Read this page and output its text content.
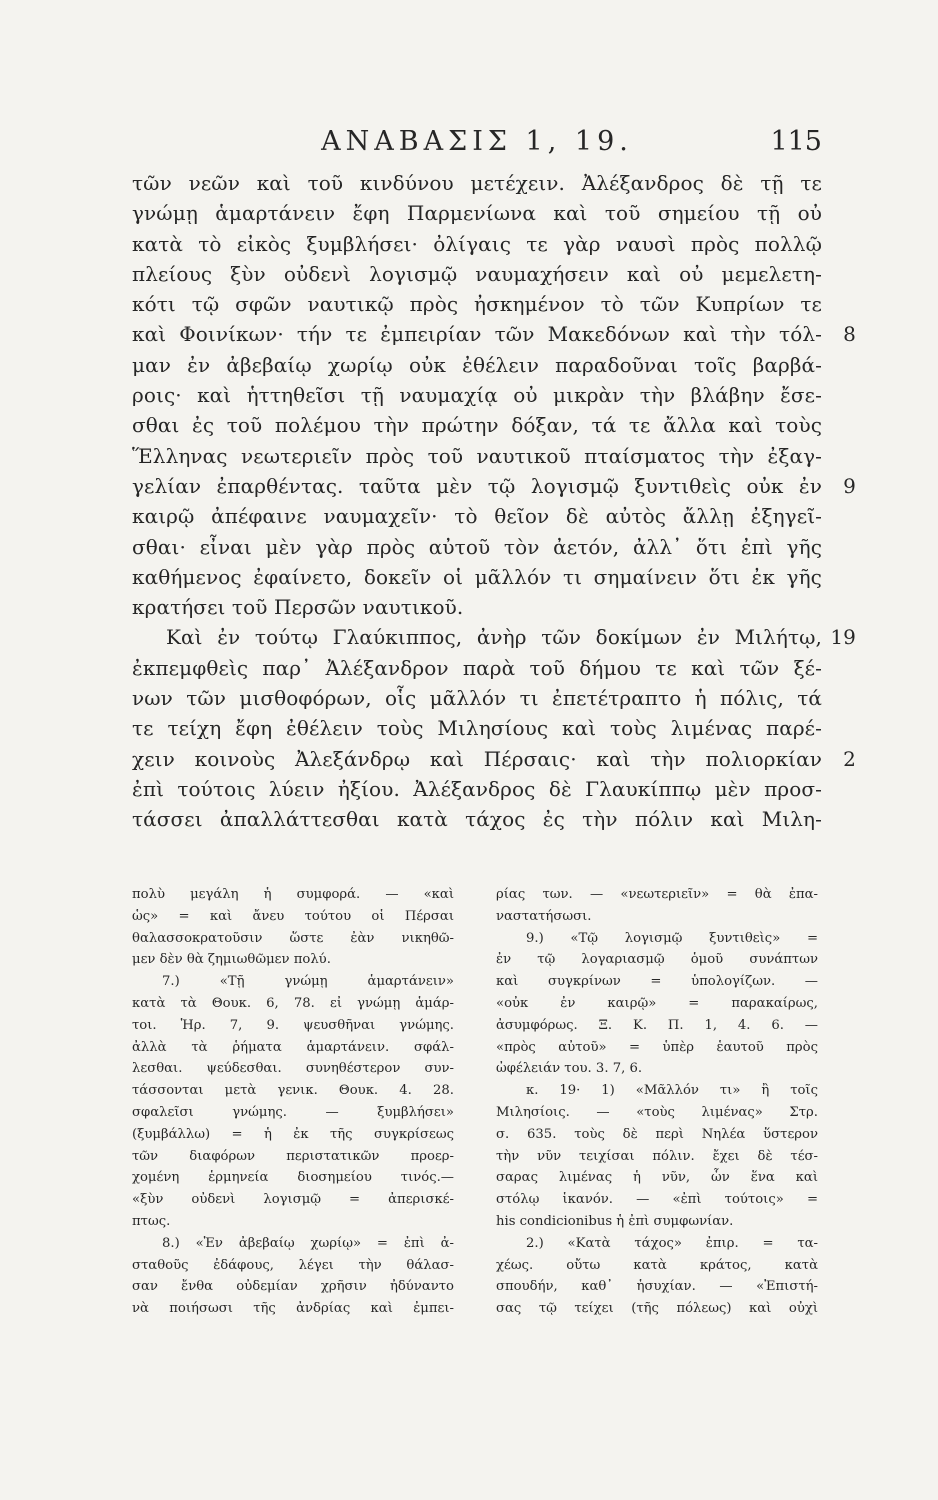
ΑΝΑΒΑΣΙΣ 1, 19.	115
τῶν νεῶν καὶ τοῦ κινδύνου μετέχειν. Ἀλέξανδρος δὲ τῇ τε
γνώμῃ ἁμαρτάνειν ἔφη Παρμενίωνα καὶ τοῦ σημείου τῇ οὐ
κατὰ τὸ εἰκὸς ξυμβλήσει· ὀλίγαις τε γὰρ ναυσὶ πρὸς πολλῷ
πλείους ξὺν οὐδενὶ λογισμῷ ναυμαχήσειν καὶ οὐ μεμελετη-
κότι τῷ σφῶν ναυτικῷ πρὸς ἠσκημένον τὸ τῶν Κυπρίων τε
καὶ Φοινίκων· τήν τε ἐμπειρίαν τῶν Μακεδόνων καὶ τὴν τόλ- 8
μαν ἐν ἀβεβαίῳ χωρίῳ οὐκ ἐθέλειν παραδοῦναι τοῖς βαρβά-
ροις· καὶ ἡττηθεῖσι τῇ ναυμαχίᾳ οὐ μικρὰν τὴν βλάβην ἔσε-
σθαι ἐς τοῦ πολέμου τὴν πρώτην δόξαν, τά τε ἄλλα καὶ τοὺς
Ἕλληνας νεωτεριεῖν πρὸς τοῦ ναυτικοῦ πταίσματος τὴν ἐξαγ-
γελίαν ἐπαρθέντας. ταῦτα μὲν τῷ λογισμῷ ξυντιθεὶς οὐκ ἐν 9
καιρῷ ἀπέφαινε ναυμαχεῖν· τὸ θεῖον δὲ αὐτὸς ἄλλῃ ἐξηγεῖ-
σθαι· εἶναι μὲν γὰρ πρὸς αὐτοῦ τὸν ἀετόν, ἀλλ᾽ ὅτι ἐπὶ γῆς
καθήμενος ἐφαίνετο, δοκεῖν οἱ μᾶλλόν τι σημαίνειν ὅτι ἐκ γῆς
κρατήσει τοῦ Περσῶν ναυτικοῦ.
Καὶ ἐν τούτῳ Γλαύκιππος, ἀνὴρ τῶν δοκίμων ἐν Μιλήτῳ, 19
ἐκπεμφθεὶς παρ᾽ Ἀλέξανδρον παρὰ τοῦ δήμου τε καὶ τῶν ξέ-
νων τῶν μισθοφόρων, οἷς μᾶλλόν τι ἐπετέτραπτο ἡ πόλις, τά
τε τείχη ἔφη ἐθέλειν τοὺς Μιλησίους καὶ τοὺς λιμένας παρέ-
χειν κοινοὺς Ἀλεξάνδρῳ καὶ Πέρσαις· καὶ τὴν πολιορκίαν 2
ἐπὶ τούτοις λύειν ἠξίου. Ἀλέξανδρος δὲ Γλαυκίππῳ μὲν προσ-
τάσσει ἀπαλλάττεσθαι κατὰ τάχος ἐς τὴν πόλιν καὶ Μιλη-
πολὺ μεγάλη ἡ συμφορά. — «καὶ
ὡς» = καὶ ἄνευ τούτου οἱ Πέρσαι
θαλασσοκρατοῦσιν ὥστε ἐὰν νικηθῶ-
μεν δὲν θὰ ζημιωθῶμεν πολύ.
7.) «Τῇ γνώμῃ ἁμαρτάνειν»
κατὰ τὰ Θουκ. 6, 78. εἰ γνώμῃ ἁμάρ-
τοι. Ἡρ. 7, 9. ψευσθῆναι γνώμης.
ἀλλὰ τὰ ῥήματα ἁμαρτάνειν. σφάλ-
λεσθαι. ψεύδεσθαι. συνηθέστερον συν-
τάσσονται μετὰ γενικ. Θουκ. 4. 28.
σφαλεῖσι γνώμης. — ξυμβλήσει»
(ξυμβάλλω) = ἡ ἐκ τῆς συγκρίσεως
τῶν διαφόρων περιστατικῶν προερ-
χομένη ἑρμηνεία διοσημείου τινός.—
«ξὺν οὐδενὶ λογισμῷ = ἀπερισκέ-
πτως.
8.) «Ἐν ἀβεβαίῳ χωρίῳ» = ἐπὶ ἀ-
σταθοῦς ἐδάφους, λέγει τὴν θάλασ-
σαν ἔνθα οὐδεμίαν χρῆσιν ἠδύναντο
νὰ ποιήσωσι τῆς ἀνδρίας καὶ ἐμπει-
ρίας των. — «νεωτεριεῖν» = θὰ ἐπα-
ναστατήσωσι.
9.) «Τῷ λογισμῷ ξυντιθεὶς» =
ἐν τῷ λογαριασμῷ ὁμοῦ συνάπτων
καὶ συγκρίνων = ὑπολογίζων. —
«οὐκ ἐν καιρῷ» = παρακαίρως,
ἀσυμφόρως. Ξ. Κ. Π. 1, 4. 6. —
«πρὸς αὐτοῦ» = ὑπὲρ ἑαυτοῦ πρὸς
ὠφέλειάν του. 3. 7, 6.
κ. 19· 1) «Μᾶλλόν τι» ἢ τοῖς
Μιλησίοις. — «τοὺς λιμένας» Στρ.
σ. 635. τοὺς δὲ περὶ Νηλέα ὕστερον
τὴν νῦν τειχίσαι πόλιν. ἔχει δὲ τέσ-
σαρας λιμένας ἡ νῦν, ὧν ἕνα καὶ
στόλῳ ἱκανόν. — «ἐπὶ τούτοις» =
his condicionibus ἡ ἐπὶ συμφωνίαν.
2.) «Κατὰ τάχος» ἐπιρ. = τα-
χέως. οὔτω κατὰ κράτος, κατὰ
σπουδήν, καθ᾽ ἡσυχίαν. — «Ἐπιστή-
σας τῷ τείχει (τῆς πόλεως) καὶ οὐχὶ
